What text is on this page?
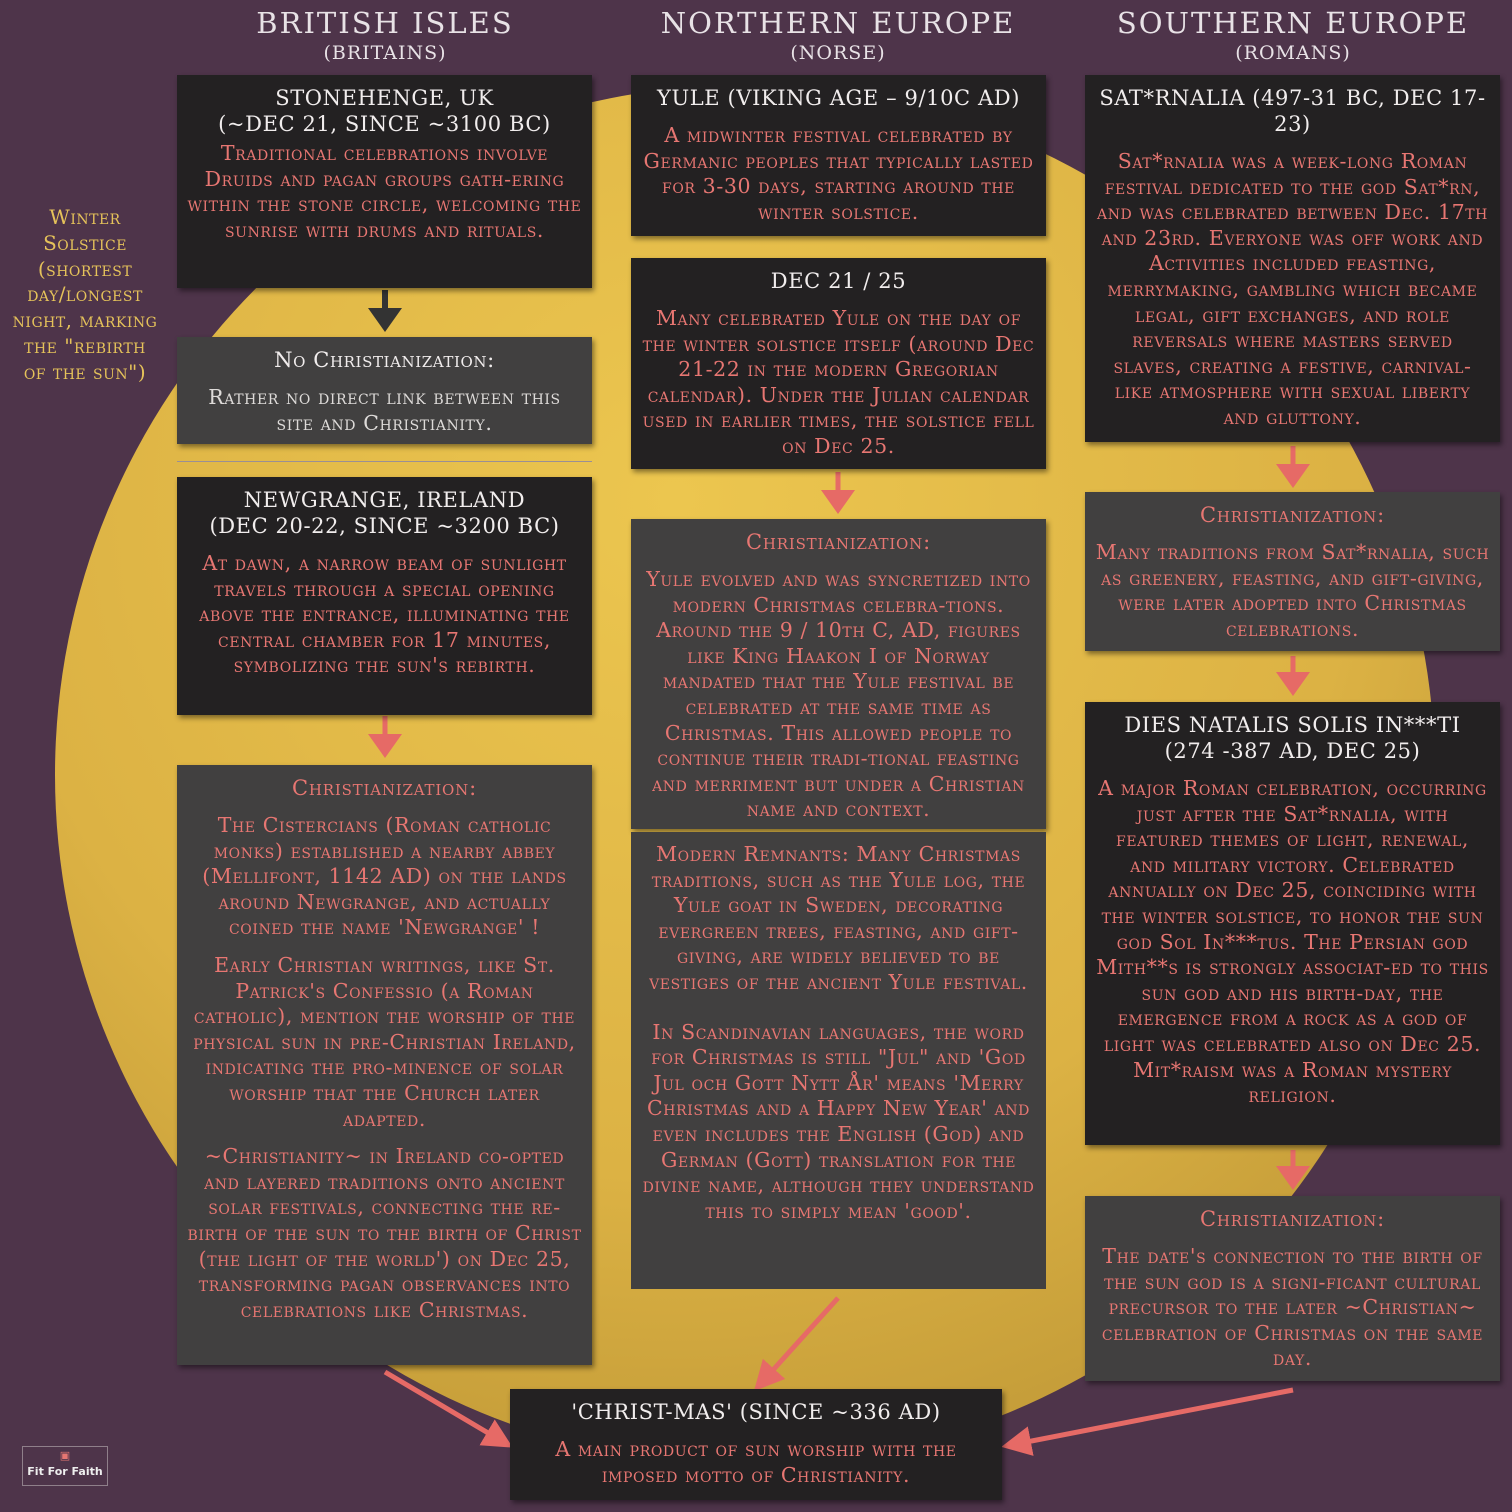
BRITISH ISLES
(BRITAINS)
NORTHERN EUROPE
(NORSE)
SOUTHERN EUROPE
(ROMANS)
Winter Solstice (shortest day/longest night, marking the "rebirth of the sun")
STONEHENGE, UK
(~DEC 21, SINCE ~3100 BC)
Traditional celebrations involve Druids and pagan groups gath-ering within the stone circle, welcoming the sunrise with drums and rituals.
No Christianization:
Rather no direct link between this site and Christianity.
NEWGRANGE, IRELAND
(DEC 20-22, SINCE ~3200 BC)
At dawn, a narrow beam of sunlight travels through a special opening above the entrance, illuminating the central chamber for 17 minutes, symbolizing the sun's rebirth.
Christianization:
The Cistercians (Roman catholic monks) established a nearby abbey (Mellifont, 1142 AD) on the lands around Newgrange, and actually coined the name 'Newgrange' !
Early Christian writings, like St. Patrick's Confessio (a Roman catholic), mention the worship of the physical sun in pre-Christian Ireland, indicating the pro-minence of solar worship that the Church later adapted.
~Christianity~ in Ireland co-opted and layered traditions onto ancient solar festivals, connecting the re-birth of the sun to the birth of Christ (the light of the world') on Dec 25, transforming pagan observances into celebrations like Christmas.
YULE (VIKING AGE – 9/10C AD)
A midwinter festival celebrated by Germanic peoples that typically lasted for 3-30 days, starting around the winter solstice.
DEC 21 / 25
Many celebrated Yule on the day of the winter solstice itself (around Dec 21-22 in the modern Gregorian calendar). Under the Julian calendar used in earlier times, the solstice fell on Dec 25.
Christianization:
Yule evolved and was syncretized into modern Christmas celebra-tions. Around the 9 / 10th C, AD, figures like King Haakon I of Norway mandated that the Yule festival be celebrated at the same time as Christmas. This allowed people to continue their tradi-tional feasting and merriment but under a Christian name and context.
Modern Remnants: Many Christmas traditions, such as the Yule log, the Yule goat in Sweden, decorating evergreen trees, feasting, and gift-giving, are widely believed to be vestiges of the ancient Yule festival.
In Scandinavian languages, the word for Christmas is still "Jul" and 'God Jul och Gott Nytt År' means 'Merry Christmas and a Happy New Year' and even includes the English (God) and German (Gott) translation for the divine name, although they understand this to simply mean 'good'.
SAT*RNALIA (497-31 BC, DEC 17-23)
Sat*rnalia was a week-long Roman festival dedicated to the god Sat*rn, and was celebrated between Dec. 17th and 23rd. Everyone was off work and Activities included feasting, merrymaking, gambling which became legal, gift exchanges, and role reversals where masters served slaves, creating a festive, carnival-like atmosphere with sexual liberty and gluttony.
Christianization:
Many traditions from Sat*rnalia, such as greenery, feasting, and gift-giving, were later adopted into Christmas celebrations.
DIES NATALIS SOLIS IN***TI
(274 -387 AD, DEC 25)
A major Roman celebration, occurring just after the Sat*rnalia, with featured themes of light, renewal, and military victory. Celebrated annually on Dec 25, coinciding with the winter solstice, to honor the sun god Sol In***tus. The Persian god Mith**s is strongly associat-ed to this sun god and his birth-day, the emergence from a rock as a god of light was celebrated also on Dec 25. Mit*raism was a Roman mystery religion.
Christianization:
The date's connection to the birth of the sun god is a signi-ficant cultural precursor to the later ~Christian~ celebration of Christmas on the same day.
'CHRIST-MAS' (SINCE ~336 AD)
A main product of sun worship with the imposed motto of Christianity.
▣
Fit For Faith
